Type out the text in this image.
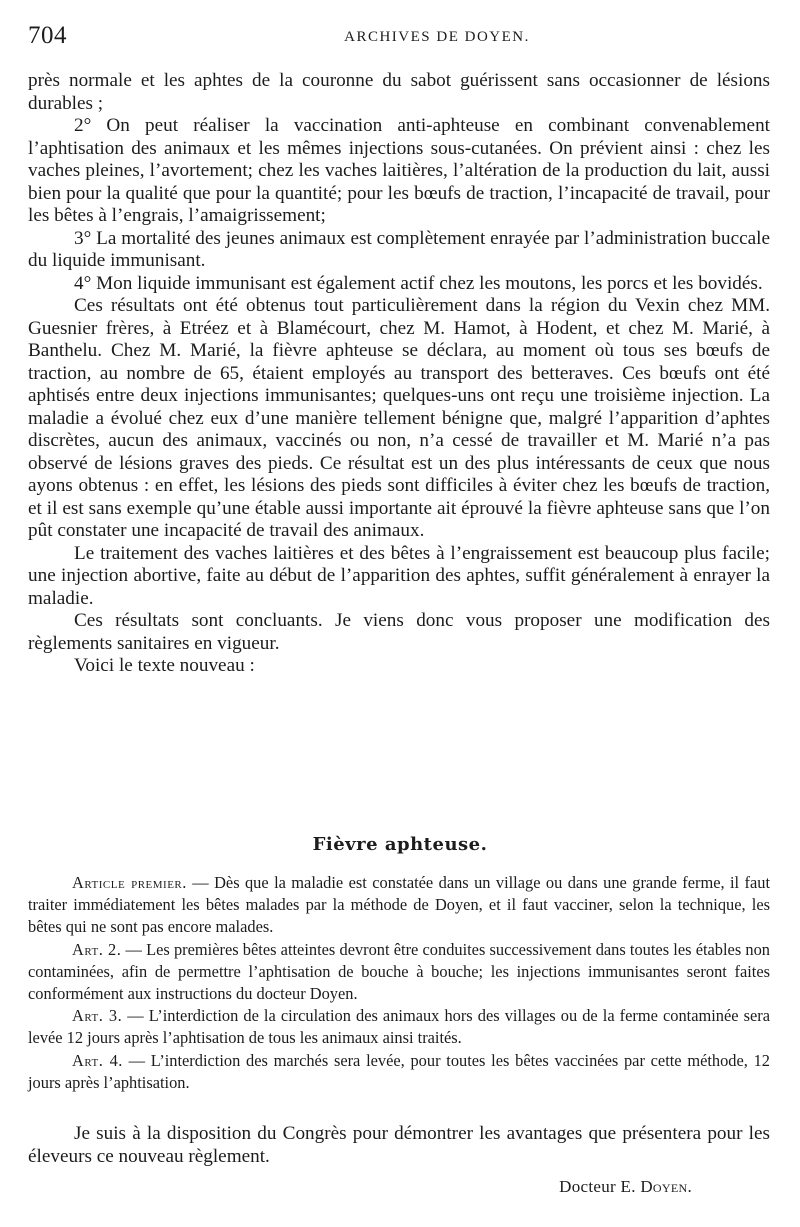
704	ARCHIVES DE DOYEN.

près normale et les aphtes de la couronne du sabot guérissent sans occasionner de lésions durables ;

2° On peut réaliser la vaccination anti-aphteuse en combinant convenablement l’aphtisation des animaux et les mêmes injections sous-cutanées. On prévient ainsi : chez les vaches pleines, l’avortement; chez les vaches laitières, l’altération de la production du lait, aussi bien pour la qualité que pour la quantité; pour les bœufs de traction, l’incapacité de travail, pour les bêtes à l’engrais, l’amaigrissement;

3° La mortalité des jeunes animaux est complètement enrayée par l’administration buccale du liquide immunisant.

4° Mon liquide immunisant est également actif chez les moutons, les porcs et les bovidés.

Ces résultats ont été obtenus tout particulièrement dans la région du Vexin chez MM. Guesnier frères, à Etréez et à Blamécourt, chez M. Hamot, à Hodent, et chez M. Marié, à Banthelu. Chez M. Marié, la fièvre aphteuse se déclara, au moment où tous ses bœufs de traction, au nombre de 65, étaient employés au transport des betteraves. Ces bœufs ont été aphtisés entre deux injections immunisantes; quelques-uns ont reçu une troisième injection. La maladie a évolué chez eux d’une manière tellement bénigne que, malgré l’apparition d’aphtes discrètes, aucun des animaux, vaccinés ou non, n’a cessé de travailler et M. Marié n’a pas observé de lésions graves des pieds. Ce résultat est un des plus intéressants de ceux que nous ayons obtenus : en effet, les lésions des pieds sont difficiles à éviter chez les bœufs de traction, et il est sans exemple qu’une étable aussi importante ait éprouvé la fièvre aphteuse sans que l’on pût constater une incapacité de travail des animaux.

Le traitement des vaches laitières et des bêtes à l’engraissement est beaucoup plus facile; une injection abortive, faite au début de l’apparition des aphtes, suffit généralement à enrayer la maladie.

Ces résultats sont concluants. Je viens donc vous proposer une modification des règlements sanitaires en vigueur.

Voici le texte nouveau :

Fièvre aphteuse.

Article premier. — Dès que la maladie est constatée dans un village ou dans une grande ferme, il faut traiter immédiatement les bêtes malades par la méthode de Doyen, et il faut vacciner, selon la technique, les bêtes qui ne sont pas encore malades.

Art. 2. — Les premières bêtes atteintes devront être conduites successivement dans toutes les étables non contaminées, afin de permettre l’aphtisation de bouche à bouche; les injections immunisantes seront faites conformément aux instructions du docteur Doyen.

Art. 3. — L’interdiction de la circulation des animaux hors des villages ou de la ferme contaminée sera levée 12 jours après l’aphtisation de tous les animaux ainsi traités.

Art. 4. — L’interdiction des marchés sera levée, pour toutes les bêtes vaccinées par cette méthode, 12 jours après l’aphtisation.

Je suis à la disposition du Congrès pour démontrer les avantages que présentera pour les éleveurs ce nouveau règlement.

Docteur E. Doyen.
